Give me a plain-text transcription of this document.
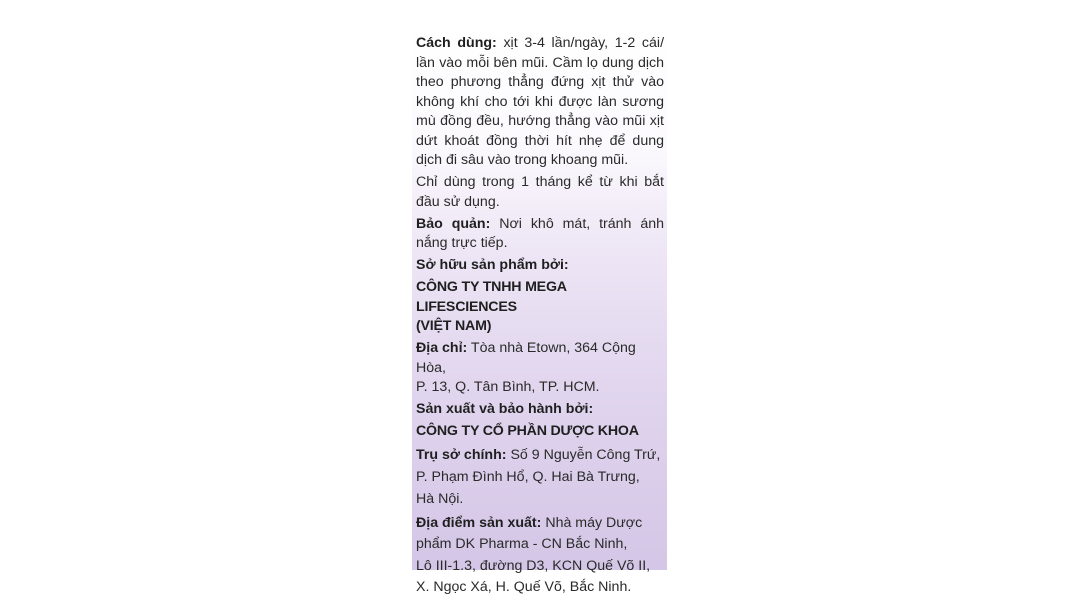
Cách dùng: xịt 3-4 lần/ngày, 1-2 cái/ lần vào mỗi bên mũi. Cầm lọ dung dịch theo phương thẳng đứng xịt thử vào không khí cho tới khi được làn sương mù đồng đều, hướng thẳng vào mũi xịt dứt khoát đồng thời hít nhẹ để dung dịch đi sâu vào trong khoang mũi.

Chỉ dùng trong 1 tháng kể từ khi bắt đầu sử dụng.

Bảo quản: Nơi khô mát, tránh ánh nắng trực tiếp.

Sở hữu sản phẩm bởi:
CÔNG TY TNHH MEGA LIFESCIENCES
(VIỆT NAM)

Địa chỉ: Tòa nhà Etown, 364 Cộng Hòa,
P. 13, Q. Tân Bình, TP. HCM.

Sản xuất và bảo hành bởi:
CÔNG TY CỔ PHẦN DƯỢC KHOA

Trụ sở chính: Số 9 Nguyễn Công Trứ,
P. Phạm Đình Hổ, Q. Hai Bà Trưng,
Hà Nội.

Địa điểm sản xuất: Nhà máy Dược
phẩm DK Pharma - CN Bắc Ninh,
Lô III-1.3, đường D3, KCN Quế Võ II,
X. Ngọc Xá, H. Quế Võ, Bắc Ninh.
